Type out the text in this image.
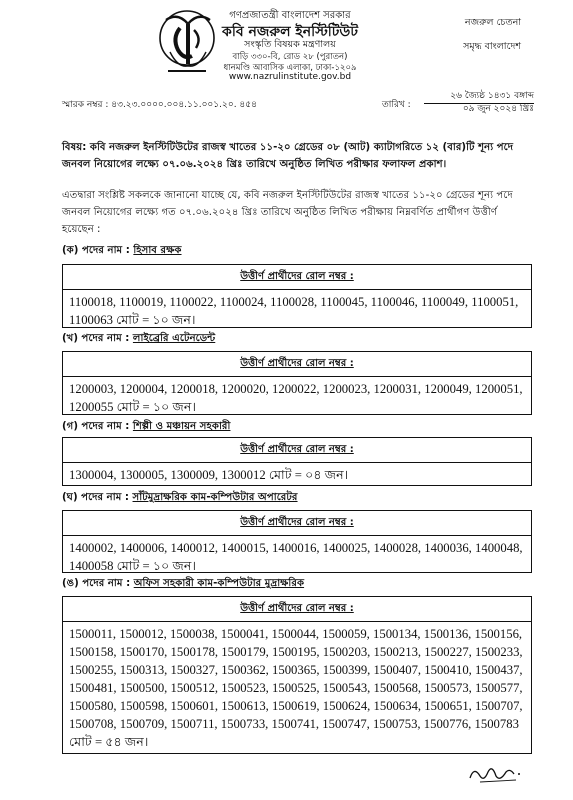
গণপ্রজাতন্ত্রী বাংলাদেশ সরকার
কবি নজরুল ইনস্টিটিউট
সংস্কৃতি বিষয়ক মন্ত্রণালয়
বাড়ি ৩৩০-বি, রোড ২৮ (পুরাতন)
ধানমণ্ডি আবাসিক এলাকা, ঢাকা-১২০৯
www.nazrulinstitute.gov.bd
নজরুল চেতনা
সমৃদ্ধ বাংলাদেশ
স্মারক নম্বর : ৪৩.২৩.০০০০.০০৪.১১.০০১.২০. ৪৫৪	তারিখ :
২৬ জ্যৈষ্ঠ ১৪৩১ বঙ্গাব্দ
০৯ জুন ২০২৪ খ্রিঃ
বিষয়: কবি নজরুল ইনস্টিটিউটের রাজস্ব খাতের ১১-২০ গ্রেডের ০৮ (আট) ক্যাটাগরিতে ১২ (বার)টি শূন্য পদে জনবল নিয়োগের লক্ষ্যে ০৭.০৬.২০২৪ খ্রিঃ তারিখে অনুষ্ঠিত লিখিত পরীক্ষার ফলাফল প্রকাশ।
এতদ্বারা সংশ্লিষ্ট সকলকে জানানো যাচ্ছে যে, কবি নজরুল ইনস্টিটিউটের রাজস্ব খাতের ১১-২০ গ্রেডের শূন্য পদে জনবল নিয়োগের লক্ষ্যে গত ০৭.০৬.২০২৪ খ্রিঃ তারিখে অনুষ্ঠিত লিখিত পরীক্ষায় নিম্নবর্ণিত প্রার্থীগণ উত্তীর্ণ হয়েছেন :
(ক) পদের নাম : হিসাব রক্ষক
উত্তীর্ণ প্রার্থীদের রোল নম্বর :
1100018, 1100019, 1100022, 1100024, 1100028, 1100045, 1100046, 1100049, 1100051, 1100063 মোট = ১০ জন।
(খ) পদের নাম : লাইব্রেরি এটেনডেন্ট
উত্তীর্ণ প্রার্থীদের রোল নম্বর :
1200003, 1200004, 1200018, 1200020, 1200022, 1200023, 1200031, 1200049, 1200051, 1200055 মোট = ১০ জন।
(গ) পদের নাম : শিল্পী ও মঞ্চায়ন সহকারী
উত্তীর্ণ প্রার্থীদের রোল নম্বর :
1300004, 1300005, 1300009, 1300012 মোট = ০৪ জন।
(ঘ) পদের নাম : সাঁটমুদ্রাক্ষরিক কাম-কম্পিউটার অপারেটর
উত্তীর্ণ প্রার্থীদের রোল নম্বর :
1400002, 1400006, 1400012, 1400015, 1400016, 1400025, 1400028, 1400036, 1400048, 1400058 মোট = ১০ জন।
(ঙ) পদের নাম : অফিস সহকারী কাম-কম্পিউটার মুদ্রাক্ষরিক
উত্তীর্ণ প্রার্থীদের রোল নম্বর :
1500011, 1500012, 1500038, 1500041, 1500044, 1500059, 1500134, 1500136, 1500156, 1500158, 1500170, 1500178, 1500179, 1500195, 1500203, 1500213, 1500227, 1500233, 1500255, 1500313, 1500327, 1500362, 1500365, 1500399, 1500407, 1500410, 1500437, 1500481, 1500500, 1500512, 1500523, 1500525, 1500543, 1500568, 1500573, 1500577, 1500580, 1500598, 1500601, 1500613, 1500619, 1500624, 1500634, 1500651, 1500707, 1500708, 1500709, 1500711, 1500733, 1500741, 1500747, 1500753, 1500776, 1500783 মোট = ৫৪ জন।
